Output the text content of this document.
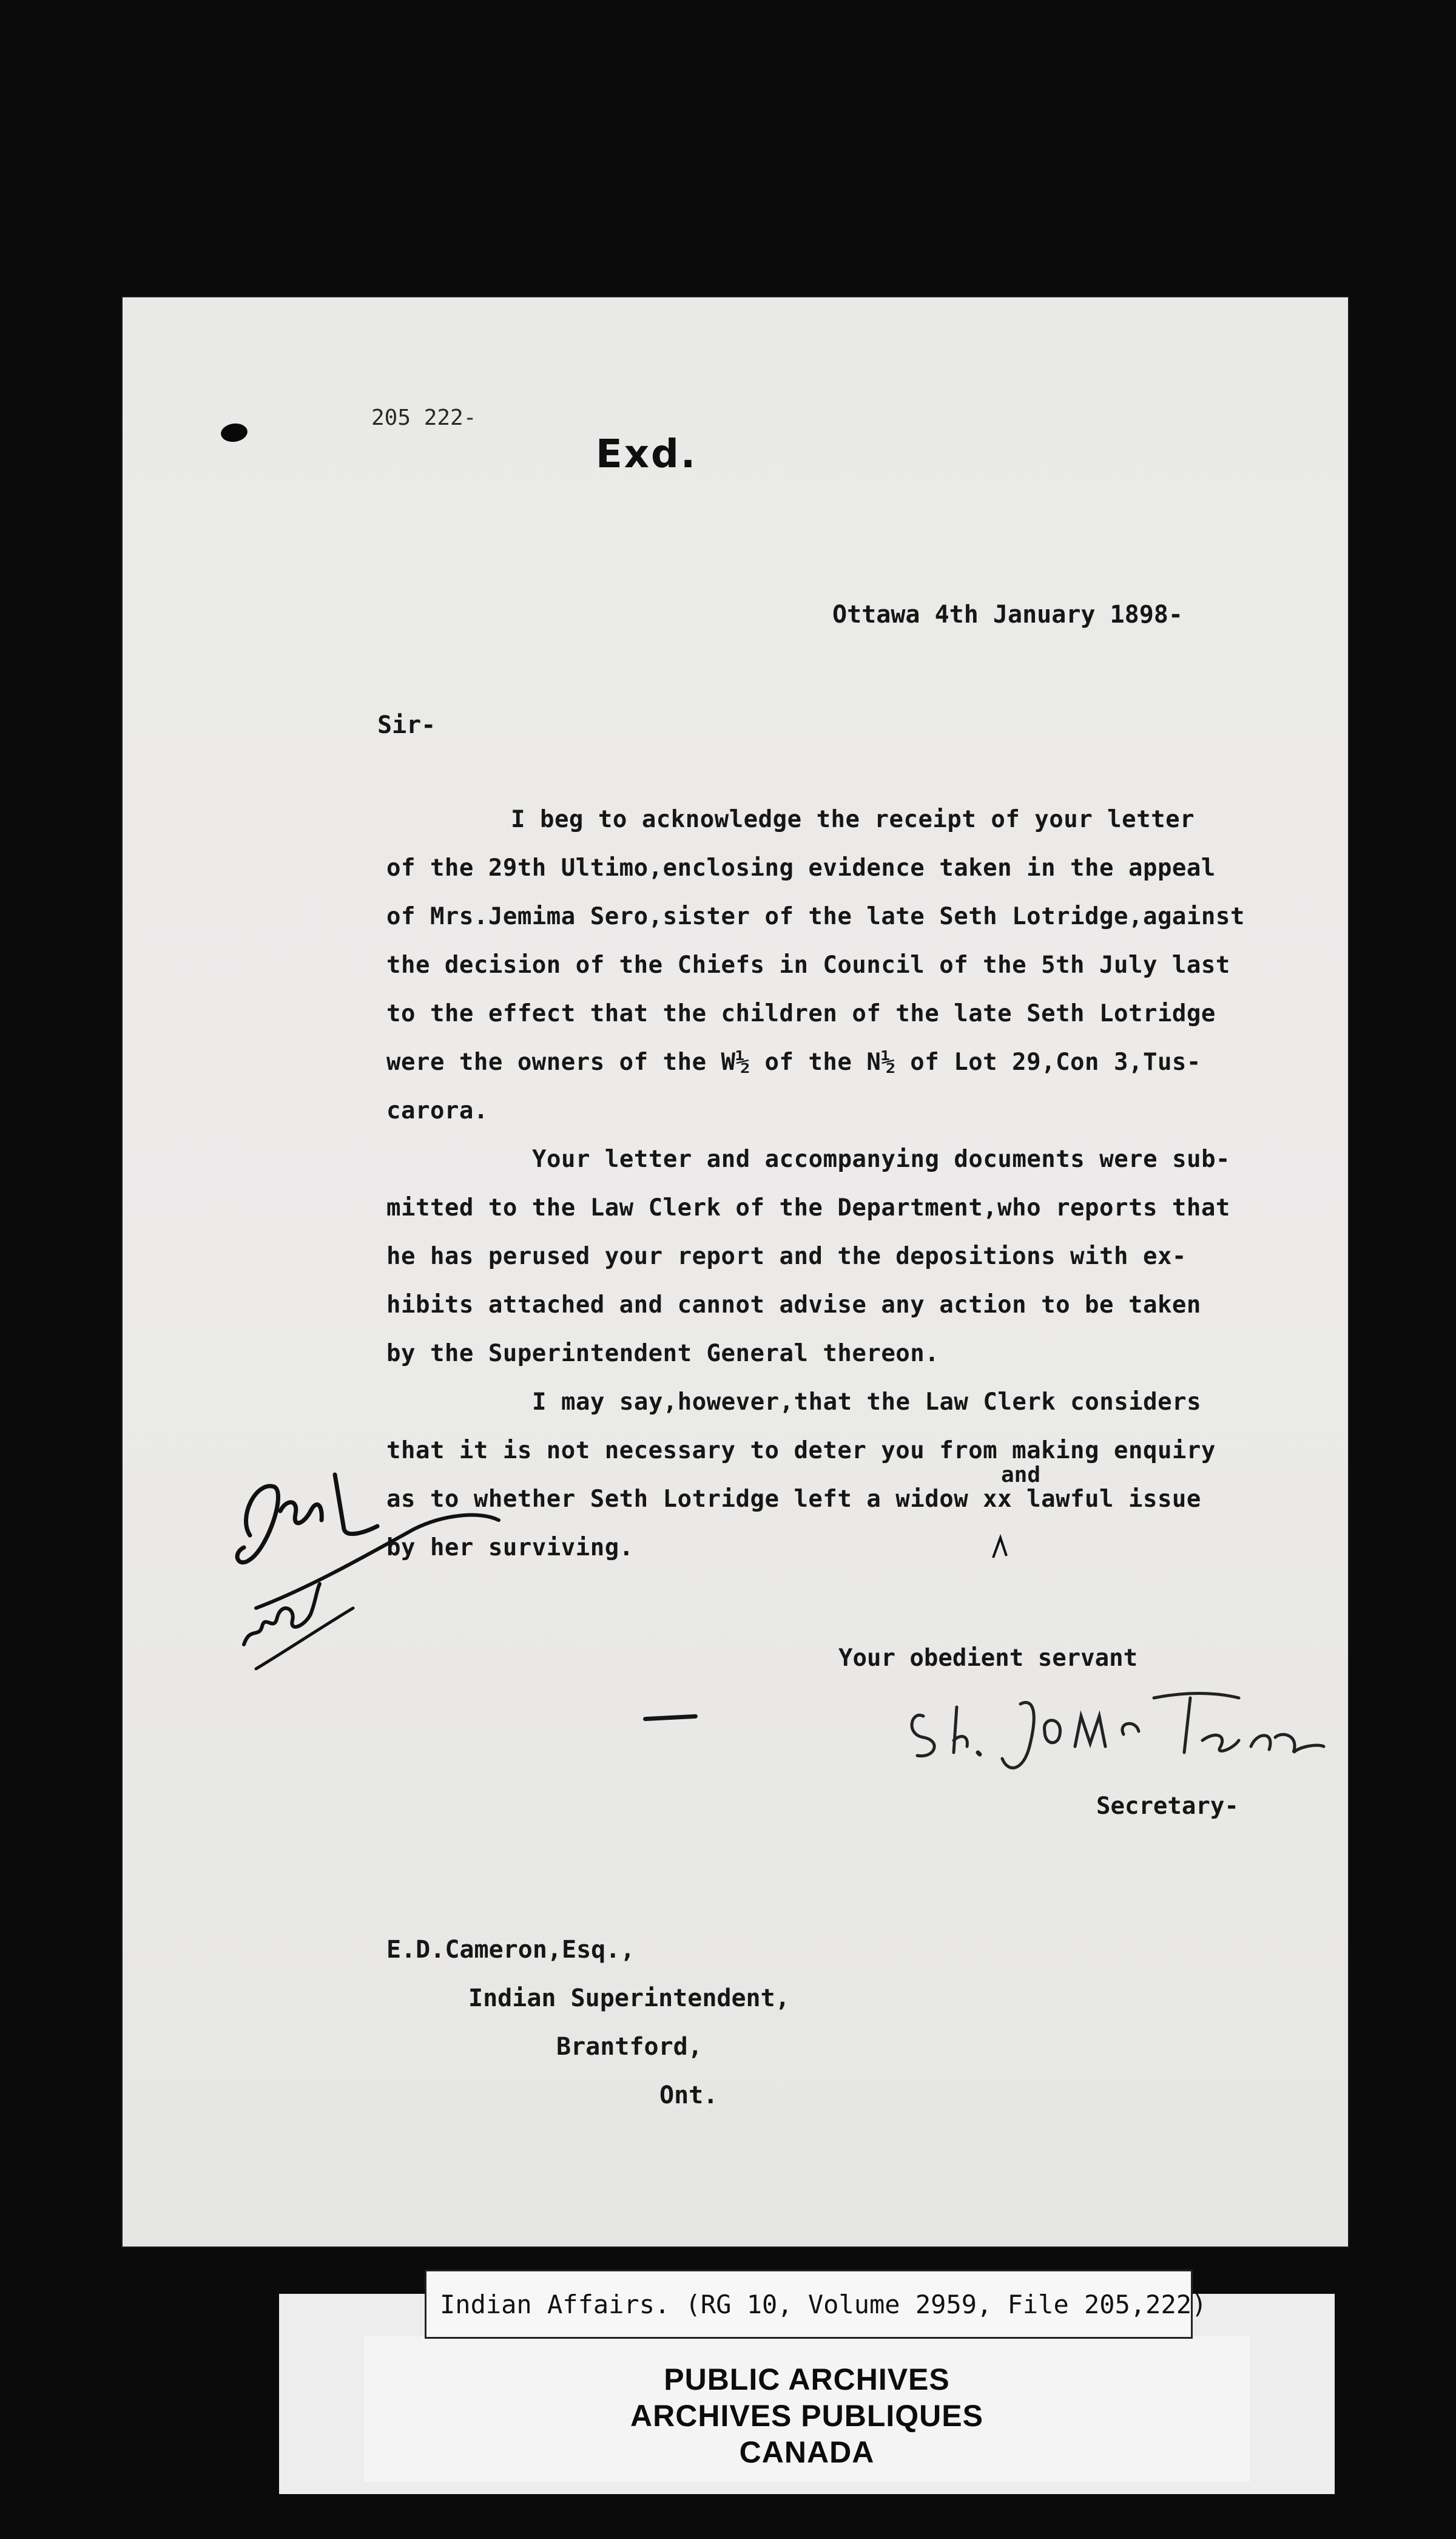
205 222-
Exd.
Ottawa 4th January 1898-
Sir-
I beg to acknowledge the receipt of your letter
of the 29th Ultimo,enclosing evidence taken in the appeal
of Mrs.Jemima Sero,sister of the late Seth Lotridge,against
the decision of the Chiefs in Council of the 5th July last
to the effect that the children of the late Seth Lotridge
were the owners of the W½ of the N½ of Lot 29,Con 3,Tus-
carora.
Your letter and accompanying documents were sub-
mitted to the Law Clerk of the Department,who reports that
he has perused your report and the depositions with ex-
hibits attached and cannot advise any action to be taken
by the Superintendent General thereon.
I may say,however,that the Law Clerk considers
that it is not necessary to deter you from making enquiry
as to whether Seth Lotridge left a widow xx lawful issue
by her surviving.
and
Your obedient servant
Secretary-
E.D.Cameron,Esq.,
Indian Superintendent,
Brantford,
Ont.
PUBLIC ARCHIVES
ARCHIVES PUBLIQUES
CANADA
Indian Affairs. (RG 10, Volume 2959, File 205,222)
